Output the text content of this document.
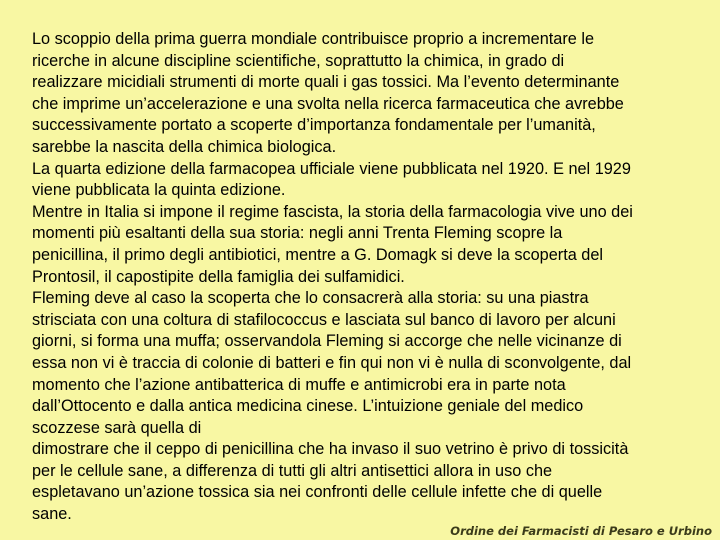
Lo scoppio della prima guerra mondiale contribuisce proprio a incrementare le
ricerche in alcune discipline scientifiche, soprattutto la chimica, in grado di
realizzare micidiali strumenti di morte quali i gas tossici. Ma l’evento determinante
che imprime un’accelerazione e una svolta nella ricerca farmaceutica che avrebbe
successivamente portato a scoperte d’importanza fondamentale per l’umanità,
sarebbe la nascita della chimica biologica.
La quarta edizione della farmacopea ufficiale viene pubblicata nel 1920. E nel 1929
viene pubblicata la quinta edizione.
Mentre in Italia si impone il regime fascista, la storia della farmacologia vive uno dei
momenti più esaltanti della sua storia: negli anni Trenta Fleming scopre la
penicillina, il primo degli antibiotici, mentre a G. Domagk si deve la scoperta del
Prontosil, il capostipite della famiglia dei sulfamidici.
Fleming deve al caso la scoperta che lo consacrerà alla storia: su una piastra
strisciata con una coltura di stafilococcus e lasciata sul banco di lavoro per alcuni
giorni, si forma una muffa; osservandola Fleming si accorge che nelle vicinanze di
essa non vi è traccia di colonie di batteri e fin qui non vi è nulla di sconvolgente, dal
momento che l’azione antibatterica di muffe e antimicrobi era in parte nota
dall’Ottocento e dalla antica medicina cinese. L’intuizione geniale del medico
scozzese sarà quella di
dimostrare che il ceppo di penicillina che ha invaso il suo vetrino è privo di tossicità
per le cellule sane, a differenza di tutti gli altri antisettici allora in uso che
espletavano un’azione tossica sia nei confronti delle cellule infette che di quelle
sane.
Ordine dei Farmacisti di Pesaro e Urbino
